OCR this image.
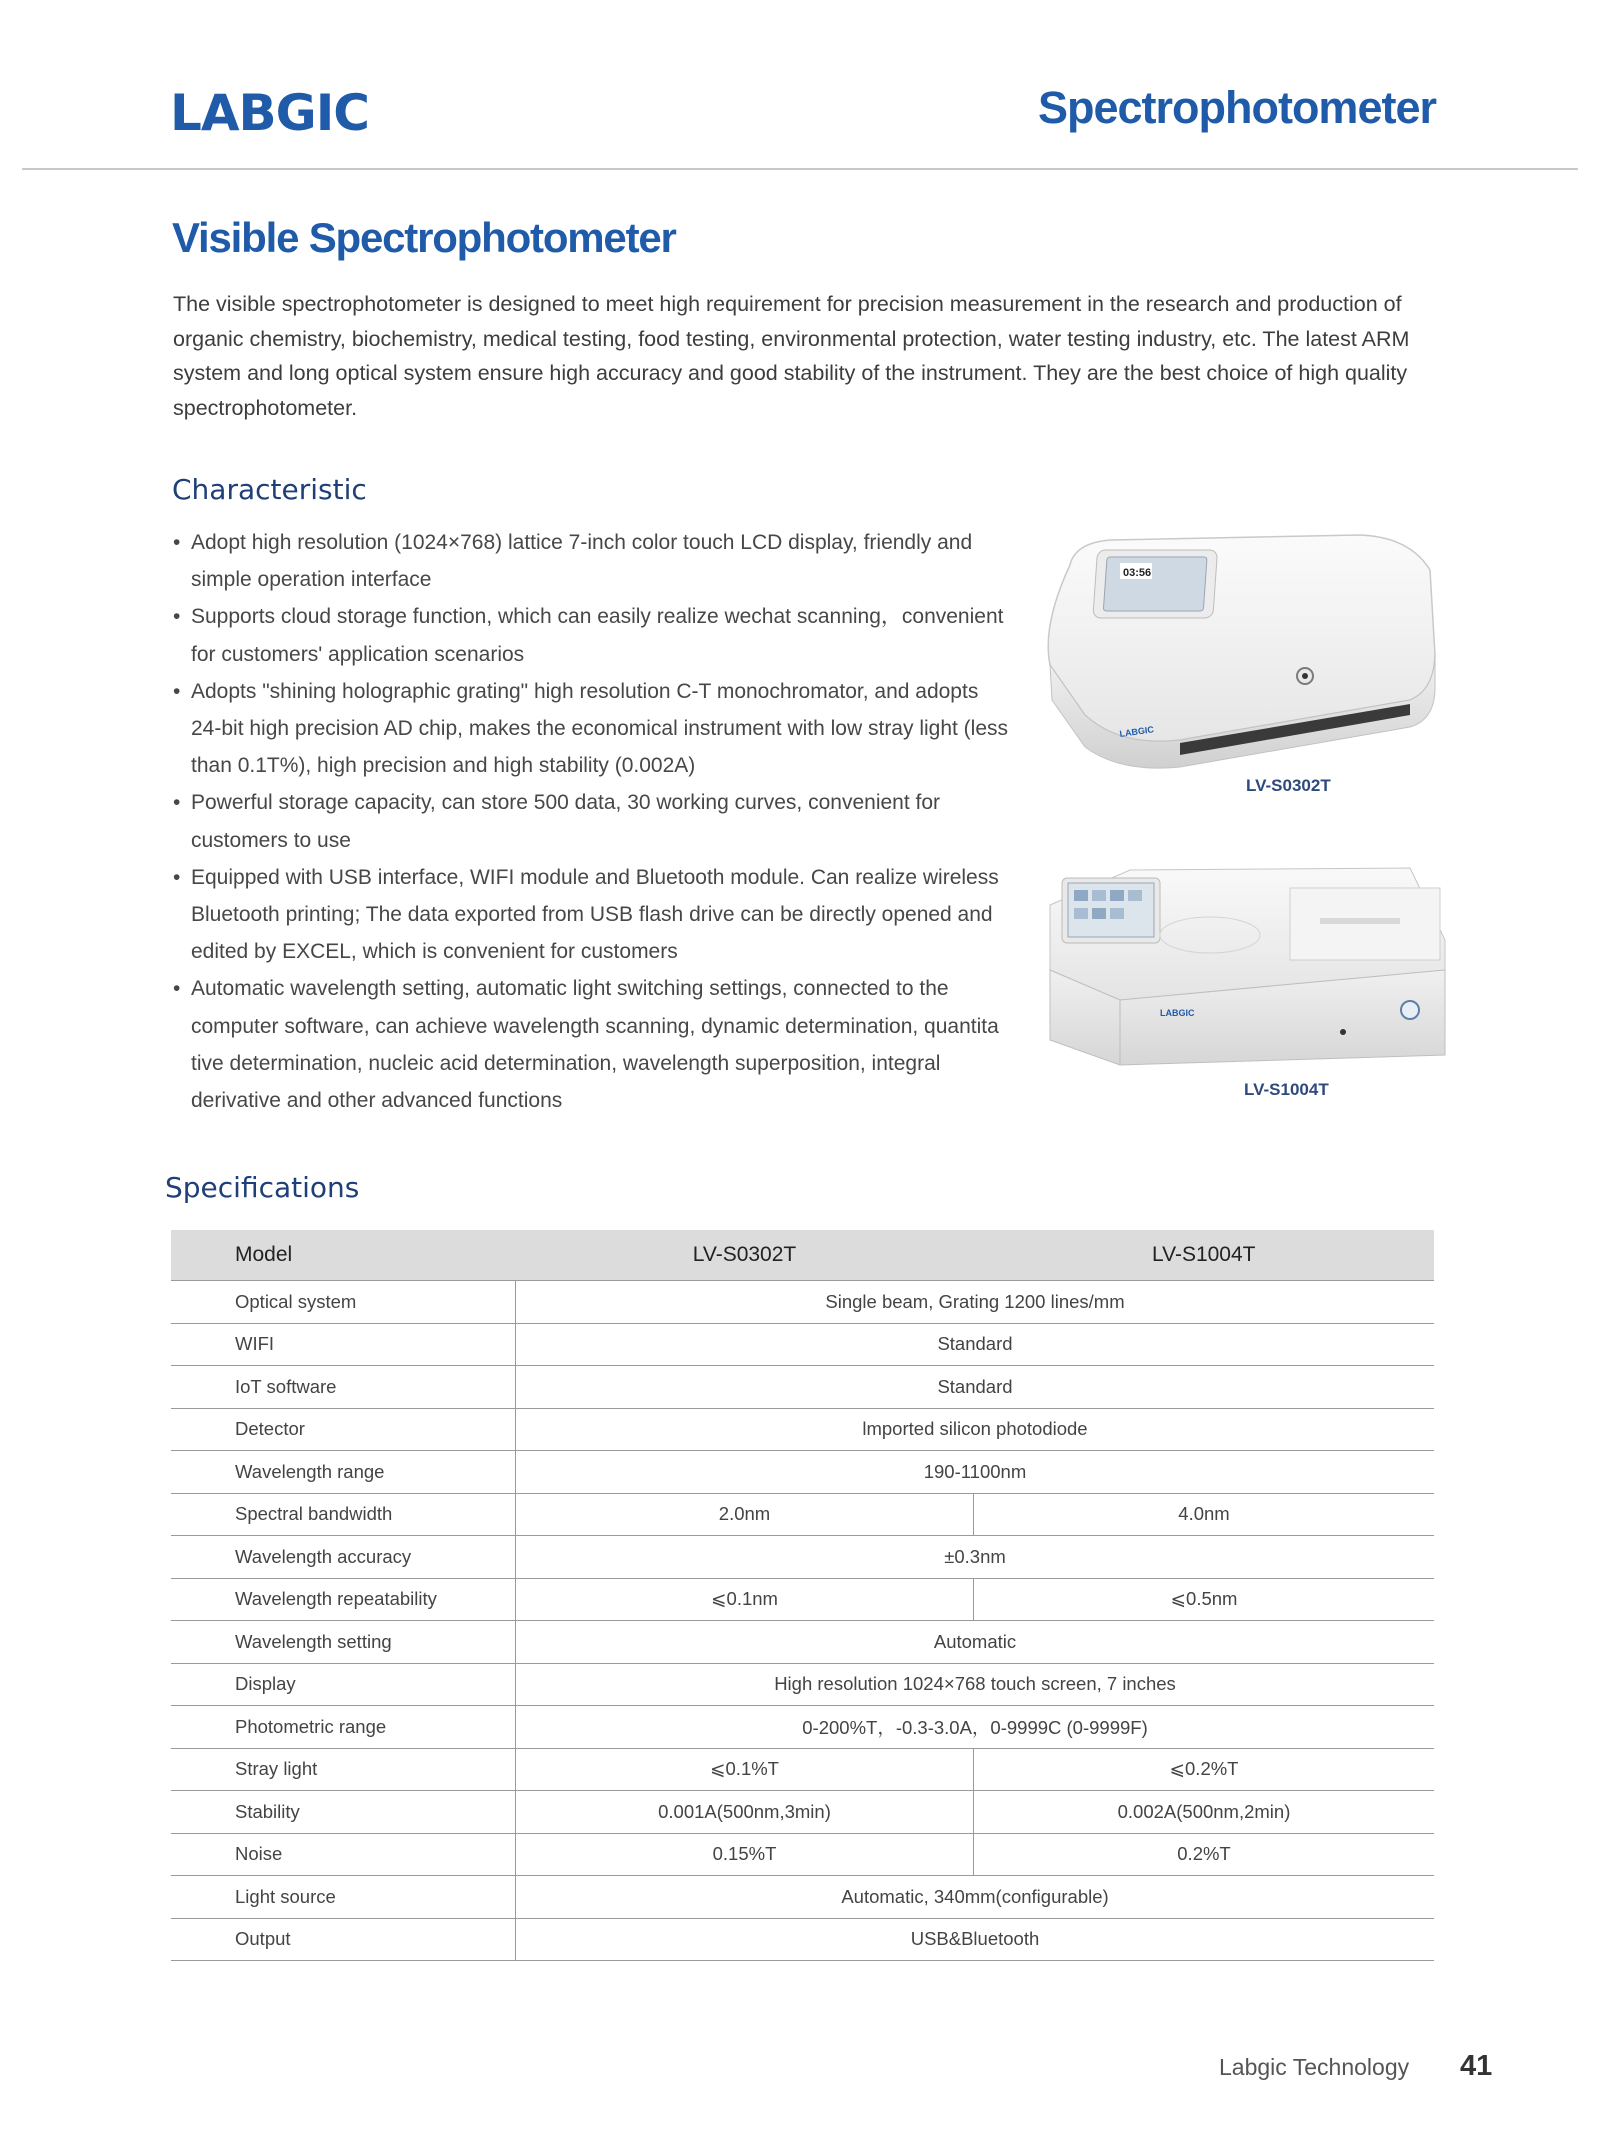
LABGIC	Spectrophotometer
Visible Spectrophotometer
The visible spectrophotometer is designed to meet high requirement for precision measurement in the research and production of organic chemistry, biochemistry, medical testing, food testing, environmental protection, water testing industry, etc. The latest ARM system and long optical system ensure high accuracy and good stability of the instrument. They are the best choice of high quality spectrophotometer.
Characteristic
• Adopt high resolution (1024×768) lattice 7-inch color touch LCD display, friendly and
simple operation interface
• Supports cloud storage function, which can easily realize wechat scanning，convenient
for customers' application scenarios
• Adopts "shining holographic grating" high resolution C-T monochromator, and adopts
24-bit high precision AD chip, makes the economical instrument with low stray light (less
than 0.1T%), high precision and high stability (0.002A)
• Powerful storage capacity, can store 500 data, 30 working curves, convenient for
customers to use
• Equipped with USB interface, WIFI module and Bluetooth module. Can realize wireless
Bluetooth printing; The data exported from USB flash drive can be directly opened and
edited by EXCEL, which is convenient for customers
• Automatic wavelength setting, automatic light switching settings, connected to the
computer software, can achieve wavelength scanning, dynamic determination, quantita
tive determination, nucleic acid determination, wavelength superposition, integral
derivative and other advanced functions
03:56
LABGIC
LV-S0302T
LABGIC
LV-S1004T
Specifications
Model	LV-S0302T	LV-S1004T
Optical system	Single beam, Grating 1200 lines/mm	
WIFI	Standard	
IoT software	Standard	
Detector	lmported silicon photodiode	
Wavelength range	190-1100nm	
Spectral bandwidth	2.0nm	4.0nm
Wavelength accuracy	±0.3nm	
Wavelength repeatability	⩽0.1nm	⩽0.5nm
Wavelength setting	Automatic	
Display	High resolution 1024×768 touch screen, 7 inches	
Photometric range	0-200%T，-0.3-3.0A，0-9999C (0-9999F)	
Stray light	⩽0.1%T	⩽0.2%T
Stability	0.001A(500nm,3min)	0.002A(500nm,2min)
Noise	0.15%T	0.2%T
Light source	Automatic, 340mm(configurable)	
Output	USB&Bluetooth	
Labgic Technology 41
